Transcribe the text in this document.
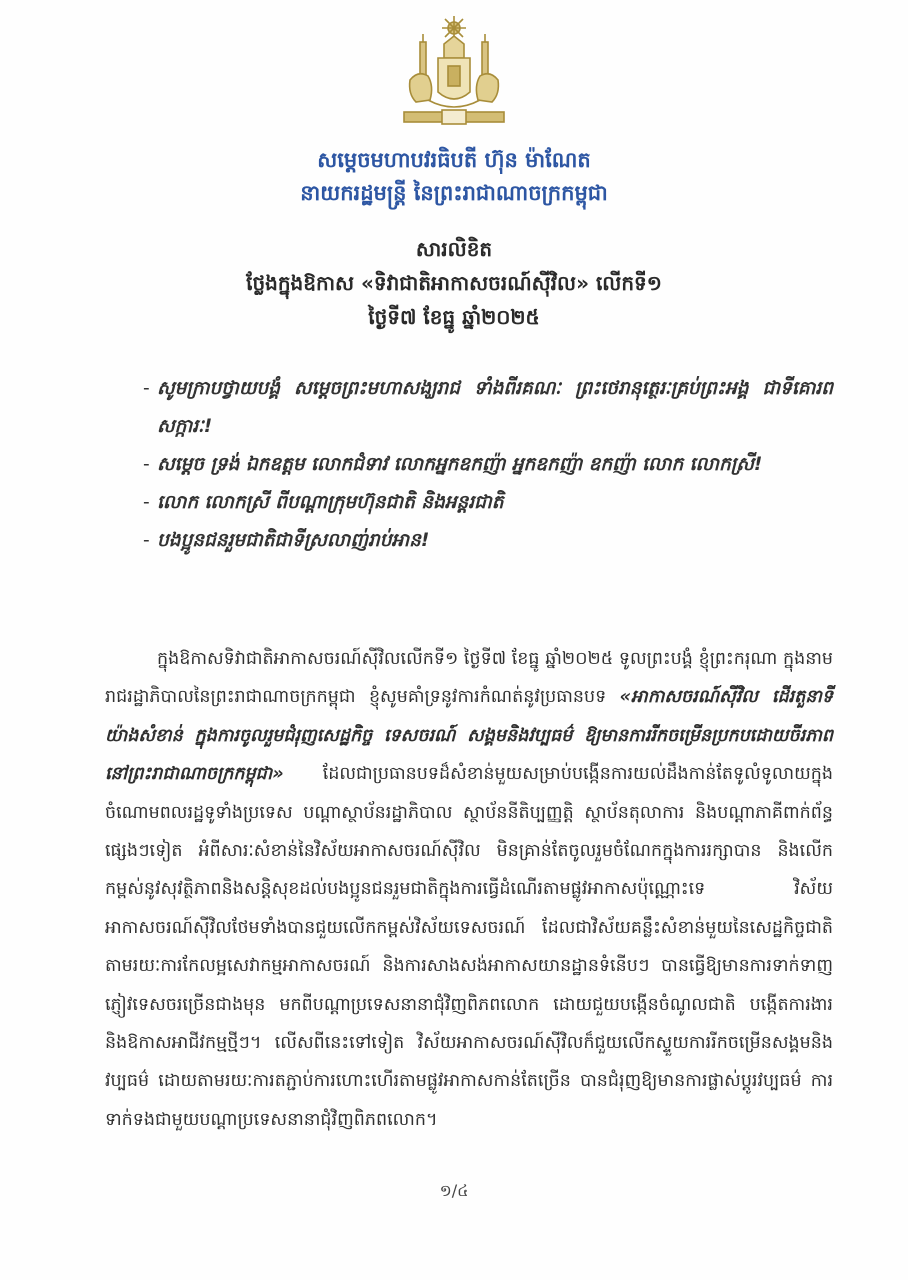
សម្តេចមហាបវរធិបតី ហ៊ុន ម៉ាណែត
នាយករដ្ឋមន្ត្រី នៃព្រះរាជាណាចក្រកម្ពុជា
សារលិខិត
ថ្លែងក្នុងឱកាស «ទិវាជាតិអាកាសចរណ៍ស៊ីវិល» លើកទី១
ថ្ងៃទី៧ ខែធ្នូ ឆ្នាំ២០២៥
- សូមក្រាបថ្វាយបង្គំ សម្តេចព្រះមហាសង្ឃរាជ ទាំងពីរគណៈ ព្រះថេរានុត្ថេរៈគ្រប់ព្រះអង្គ ជាទីគោរពសក្ការៈ!
- សម្តេច ទ្រង់ ឯកឧត្តម លោកជំទាវ លោកអ្នកឧកញ៉ា អ្នកឧកញ៉ា ឧកញ៉ា លោក លោកស្រី!
- លោក លោកស្រី ពីបណ្តាក្រុមហ៊ុនជាតិ និងអន្តរជាតិ
- បងប្អូនជនរួមជាតិជាទីស្រលាញ់រាប់អាន!
ក្នុងឱកាសទិវាជាតិអាកាសចរណ៍ស៊ីវិលលើកទី១ ថ្ងៃទី៧ ខែធ្នូ ឆ្នាំ២០២៥ ទូលព្រះបង្គំ ខ្ញុំព្រះករុណា ក្នុងនាមរាជរដ្ឋាភិបាលនៃព្រះរាជាណាចក្រកម្ពុជា ខ្ញុំសូមគាំទ្រនូវការកំណត់នូវប្រធានបទ «អាកាសចរណ៍ស៊ីវិល ដើរតួនាទីយ៉ាងសំខាន់ ក្នុងការចូលរួមជំរុញសេដ្ឋកិច្ច ទេសចរណ៍ សង្គមនិងវប្បធម៌ ឱ្យមានការរីកចម្រើនប្រកបដោយចីរភាព នៅព្រះរាជាណាចក្រកម្ពុជា» ដែលជាប្រធានបទដ៏សំខាន់មួយសម្រាប់បង្កើនការយល់ដឹងកាន់តែទូលំទូលាយក្នុងចំណោមពលរដ្ឋទូទាំងប្រទេស បណ្តាស្ថាប័នរដ្ឋាភិបាល ស្ថាប័ននីតិប្បញ្ញត្តិ ស្ថាប័នតុលាការ និងបណ្តាភាគីពាក់ព័ន្ធផ្សេងៗទៀត អំពីសារៈសំខាន់នៃវិស័យអាកាសចរណ៍ស៊ីវិល មិនគ្រាន់តែចូលរួមចំណែកក្នុងការរក្សាបាន និងលើកកម្ពស់នូវសុវត្ថិភាពនិងសន្តិសុខដល់បងប្អូនជនរួមជាតិក្នុងការធ្វើដំណើរតាមផ្លូវអាកាសប៉ុណ្ណោះទេ វិស័យអាកាសចរណ៍ស៊ីវិលថែមទាំងបានជួយលើកកម្ពស់វិស័យទេសចរណ៍ ដែលជាវិស័យគន្លឹះសំខាន់មួយនៃសេដ្ឋកិច្ចជាតិ តាមរយៈការកែលម្អសេវាកម្មអាកាសចរណ៍ និងការសាងសង់អាកាសយានដ្ឋានទំនើបៗ បានធ្វើឱ្យមានការទាក់ទាញភ្ញៀវទេសចរច្រើនជាងមុន មកពីបណ្តាប្រទេសនានាជុំវិញពិភពលោក ដោយជួយបង្កើនចំណូលជាតិ បង្កើតការងារ និងឱកាសអាជីវកម្មថ្មីៗ។ លើសពីនេះទៅទៀត វិស័យអាកាសចរណ៍ស៊ីវិលក៏ជួយលើកស្ទួយការរីកចម្រើនសង្គមនិងវប្បធម៌ ដោយតាមរយៈការតភ្ជាប់ការហោះហើរតាមផ្លូវអាកាសកាន់តែច្រើន បានជំរុញឱ្យមានការផ្លាស់ប្តូរវប្បធម៌ ការទាក់ទងជាមួយបណ្តាប្រទេសនានាជុំវិញពិភពលោក។
១/៤
